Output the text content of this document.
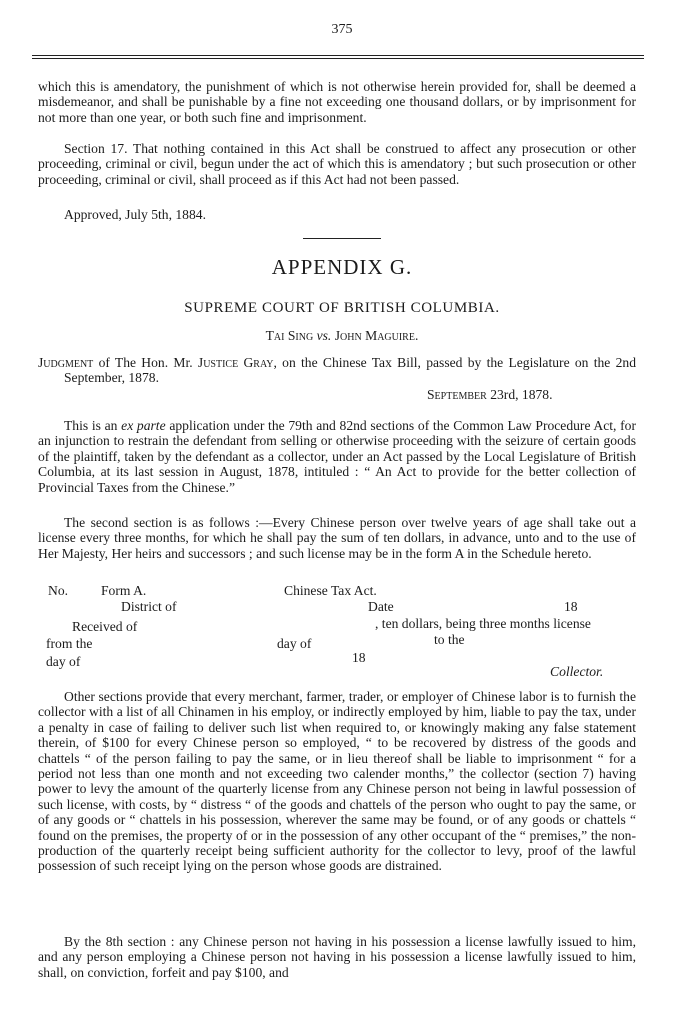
375

which this is amendatory, the punishment of which is not otherwise herein provided for, shall be deemed a misdemeanor, and shall be punishable by a fine not exceeding one thousand dollars, or by imprisonment for not more than one year, or both such fine and imprisonment.

Section 17. That nothing contained in this Act shall be construed to affect any prosecution or other proceeding, criminal or civil, begun under the act of which this is amendatory ; but such prosecution or other proceeding, criminal or civil, shall proceed as if this Act had not been passed.

Approved, July 5th, 1884.

APPENDIX G.
SUPREME COURT OF BRITISH COLUMBIA.
Tai Sing vs. John Maguire.

Judgment of The Hon. Mr. Justice Gray, on the Chinese Tax Bill, passed by the Legislature on the 2nd September, 1878.

September 23rd, 1878.

This is an ex parte application under the 79th and 82nd sections of the Common Law Procedure Act, for an injunction to restrain the defendant from selling or otherwise proceeding with the seizure of certain goods of the plaintiff, taken by the defendant as a collector, under an Act passed by the Local Legislature of British Columbia, at its last session in August, 1878, intituled : “ An Act to provide for the better collection of Provincial Taxes from the Chinese.”

The second section is as follows :—Every Chinese person over twelve years of age shall take out a license every three months, for which he shall pay the sum of ten dollars, in advance, unto and to the use of Her Majesty, Her heirs and successors ; and such license may be in the form A in the Schedule hereto.

No. Form A.	Chinese Tax Act.
District of	Date	18
Received of	, ten dollars, being three months license
from the	day of	to the
day of	18
Collector.

Other sections provide that every merchant, farmer, trader, or employer of Chinese labor is to furnish the collector with a list of all Chinamen in his employ, or indirectly employed by him, liable to pay the tax, under a penalty in case of failing to deliver such list when required to, or knowingly making any false statement therein, of $100 for every Chinese person so employed, “ to be recovered by distress of the goods and chattels “ of the person failing to pay the same, or in lieu thereof shall be liable to imprisonment “ for a period not less than one month and not exceeding two calender months,” the collector (section 7) having power to levy the amount of the quarterly license from any Chinese person not being in lawful possession of such license, with costs, by “ distress “ of the goods and chattels of the person who ought to pay the same, or of any goods or “ chattels in his possession, wherever the same may be found, or of any goods or chattels “ found on the premises, the property of or in the possession of any other occupant of the “ premises,” the non-production of the quarterly receipt being sufficient authority for the collector to levy, proof of the lawful possession of such receipt lying on the person whose goods are distrained.

By the 8th section : any Chinese person not having in his possession a license lawfully issued to him, and any person employing a Chinese person not having in his possession a license lawfully issued to him, shall, on conviction, forfeit and pay $100, and
